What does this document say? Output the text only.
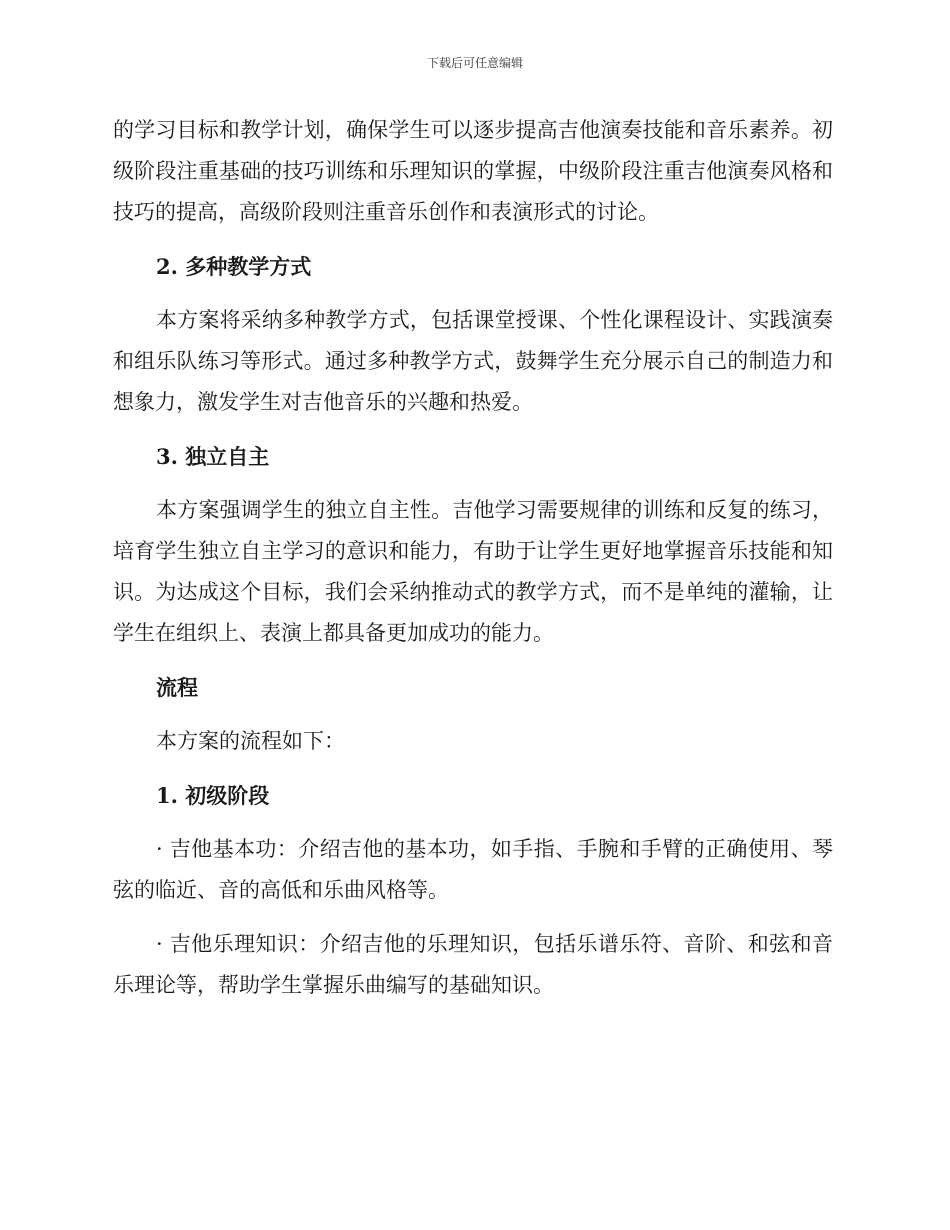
下载后可任意编辑

的学习目标和教学计划，确保学生可以逐步提高吉他演奏技能和音乐素养。初级阶段注重基础的技巧训练和乐理知识的掌握，中级阶段注重吉他演奏风格和技巧的提高，高级阶段则注重音乐创作和表演形式的讨论。

2. 多种教学方式

本方案将采纳多种教学方式，包括课堂授课、个性化课程设计、实践演奏和组乐队练习等形式。通过多种教学方式，鼓舞学生充分展示自己的制造力和想象力，激发学生对吉他音乐的兴趣和热爱。

3. 独立自主

本方案强调学生的独立自主性。吉他学习需要规律的训练和反复的练习，培育学生独立自主学习的意识和能力，有助于让学生更好地掌握音乐技能和知识。为达成这个目标，我们会采纳推动式的教学方式，而不是单纯的灌输，让学生在组织上、表演上都具备更加成功的能力。

流程

本方案的流程如下：

1. 初级阶段

· 吉他基本功：介绍吉他的基本功，如手指、手腕和手臂的正确使用、琴弦的临近、音的高低和乐曲风格等。

· 吉他乐理知识：介绍吉他的乐理知识，包括乐谱乐符、音阶、和弦和音乐理论等，帮助学生掌握乐曲编写的基础知识。
